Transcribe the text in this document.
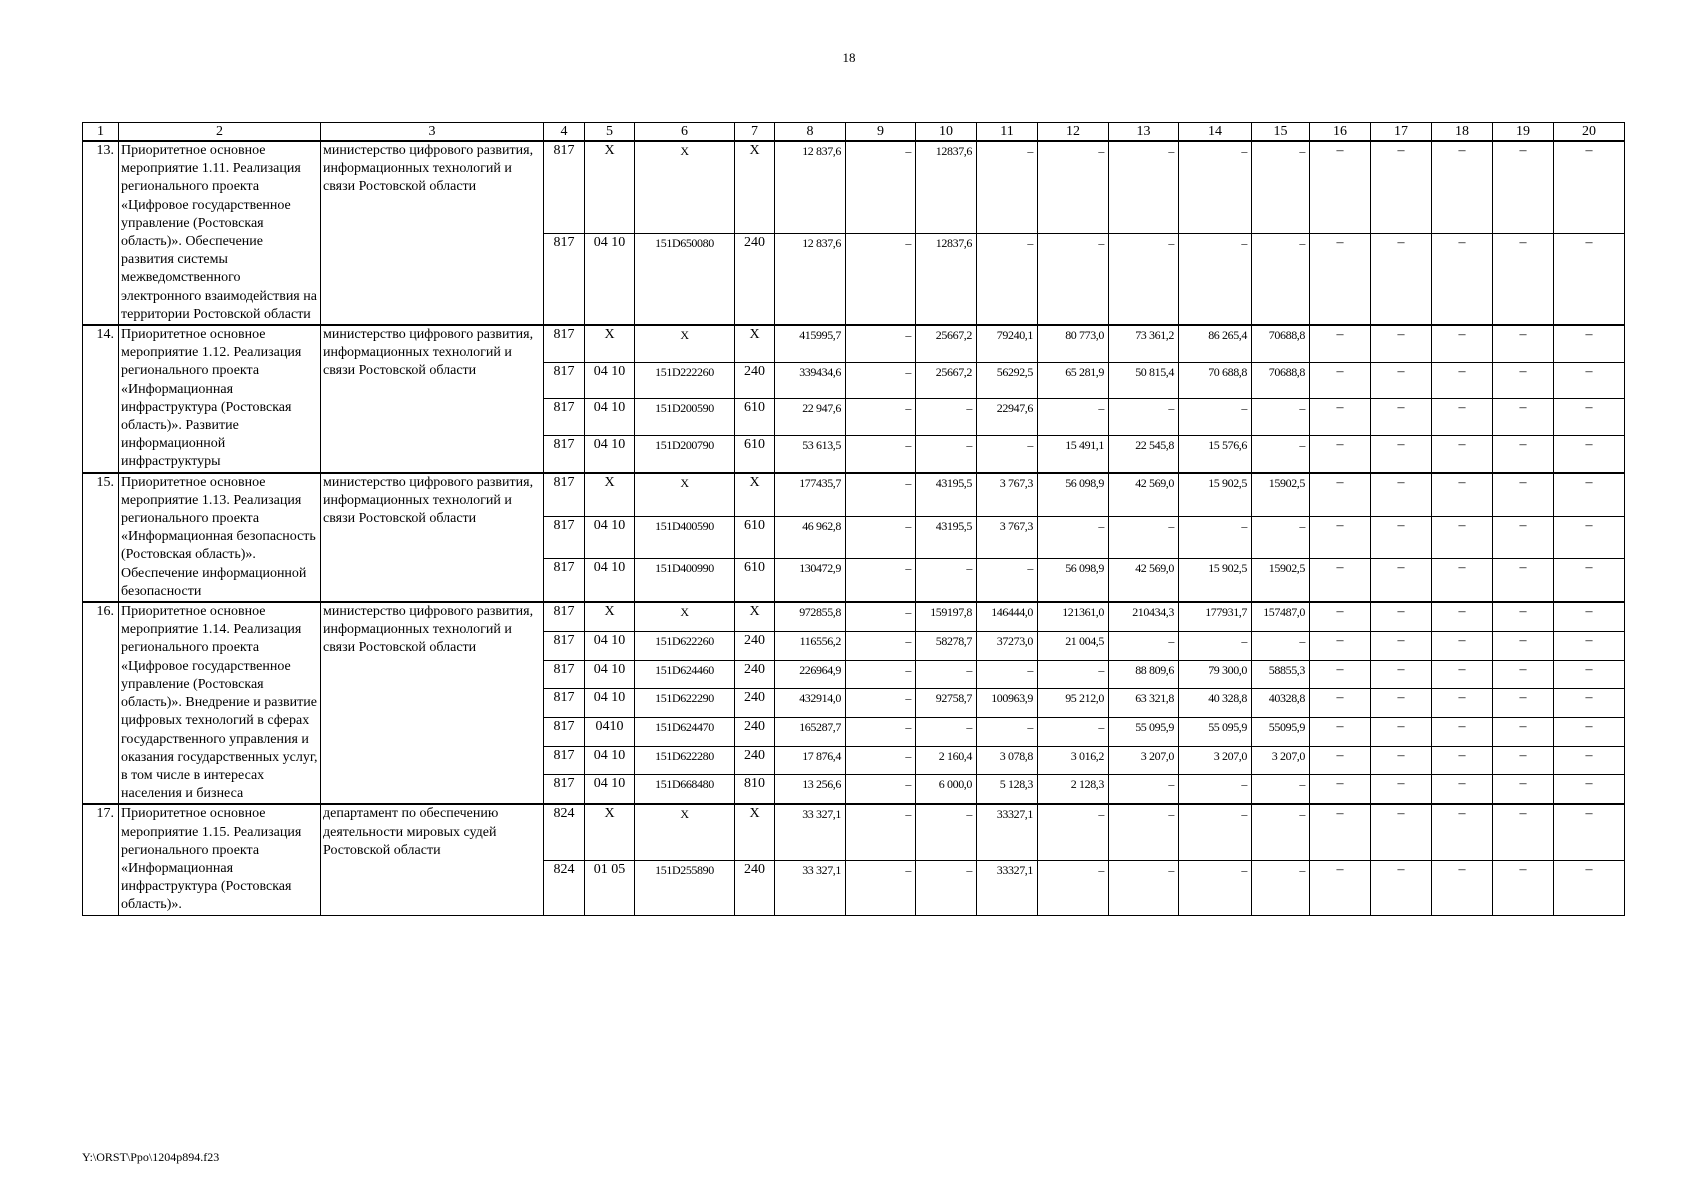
18
1	2	3	4	5	6	7	8	9	10	11	12	13	14	15	16	17	18	19	20
13.	Приоритетное основное мероприятие 1.11. Реализация регионального проекта «Цифровое государственное управление (Ростовская область)». Обеспечение развития системы межведомственного электронного взаимодействия на территории Ростовской области	министерство цифрового развития, информационных технологий и связи Ростовской области	817	X	X	X	12 837,6	–	12837,6	–	–	–	–	–	–	–	–	–	–
			817	04 10	151D650080	240	12 837,6	–	12837,6	–	–	–	–	–	–	–	–	–	–
14.	Приоритетное основное мероприятие 1.12. Реализация регионального проекта «Информационная инфраструктура (Ростовская область)». Развитие информационной инфраструктуры	министерство цифрового развития, информационных технологий и связи Ростовской области	817	X	X	X	415995,7	–	25667,2	79240,1	80 773,0	73 361,2	86 265,4	70688,8	–	–	–	–	–
			817	04 10	151D222260	240	339434,6	–	25667,2	56292,5	65 281,9	50 815,4	70 688,8	70688,8	–	–	–	–	–
			817	04 10	151D200590	610	22 947,6	–	–	22947,6	–	–	–	–	–	–	–	–	–
			817	04 10	151D200790	610	53 613,5	–	–	–	15 491,1	22 545,8	15 576,6	–	–	–	–	–	–
15.	Приоритетное основное мероприятие 1.13. Реализация регионального проекта «Информационная безопасность (Ростовская область)». Обеспечение информационной безопасности	министерство цифрового развития, информационных технологий и связи Ростовской области	817	X	X	X	177435,7	–	43195,5	3 767,3	56 098,9	42 569,0	15 902,5	15902,5	–	–	–	–	–
			817	04 10	151D400590	610	46 962,8	–	43195,5	3 767,3	–	–	–	–	–	–	–	–	–
			817	04 10	151D400990	610	130472,9	–	–	–	56 098,9	42 569,0	15 902,5	15902,5	–	–	–	–	–
16.	Приоритетное основное мероприятие 1.14. Реализация регионального проекта «Цифровое государственное управление (Ростовская область)». Внедрение и развитие цифровых технологий в сферах государственного управления и оказания государственных услуг, в том числе в интересах населения и бизнеса	министерство цифрового развития, информационных технологий и связи Ростовской области	817	X	X	X	972855,8	–	159197,8	146444,0	121361,0	210434,3	177931,7	157487,0	–	–	–	–	–
			817	04 10	151D622260	240	116556,2	–	58278,7	37273,0	21 004,5	–	–	–	–	–	–	–	–
			817	04 10	151D624460	240	226964,9	–	–	–	–	88 809,6	79 300,0	58855,3	–	–	–	–	–
			817	04 10	151D622290	240	432914,0	–	92758,7	100963,9	95 212,0	63 321,8	40 328,8	40328,8	–	–	–	–	–
			817	0410	151D624470	240	165287,7	–	–	–	–	55 095,9	55 095,9	55095,9	–	–	–	–	–
			817	04 10	151D622280	240	17 876,4	–	2 160,4	3 078,8	3 016,2	3 207,0	3 207,0	3 207,0	–	–	–	–	–
			817	04 10	151D668480	810	13 256,6	–	6 000,0	5 128,3	2 128,3	–	–	–	–	–	–	–	–
17.	Приоритетное основное мероприятие 1.15. Реализация регионального проекта «Информационная инфраструктура (Ростовская область)».	департамент по обеспечению деятельности мировых судей Ростовской области	824	X	X	X	33 327,1	–	–	33327,1	–	–	–	–	–	–	–	–	–
			824	01 05	151D255890	240	33 327,1	–	–	33327,1	–	–	–	–	–	–	–	–	–
Y:\ORST\Ppo\1204p894.f23
